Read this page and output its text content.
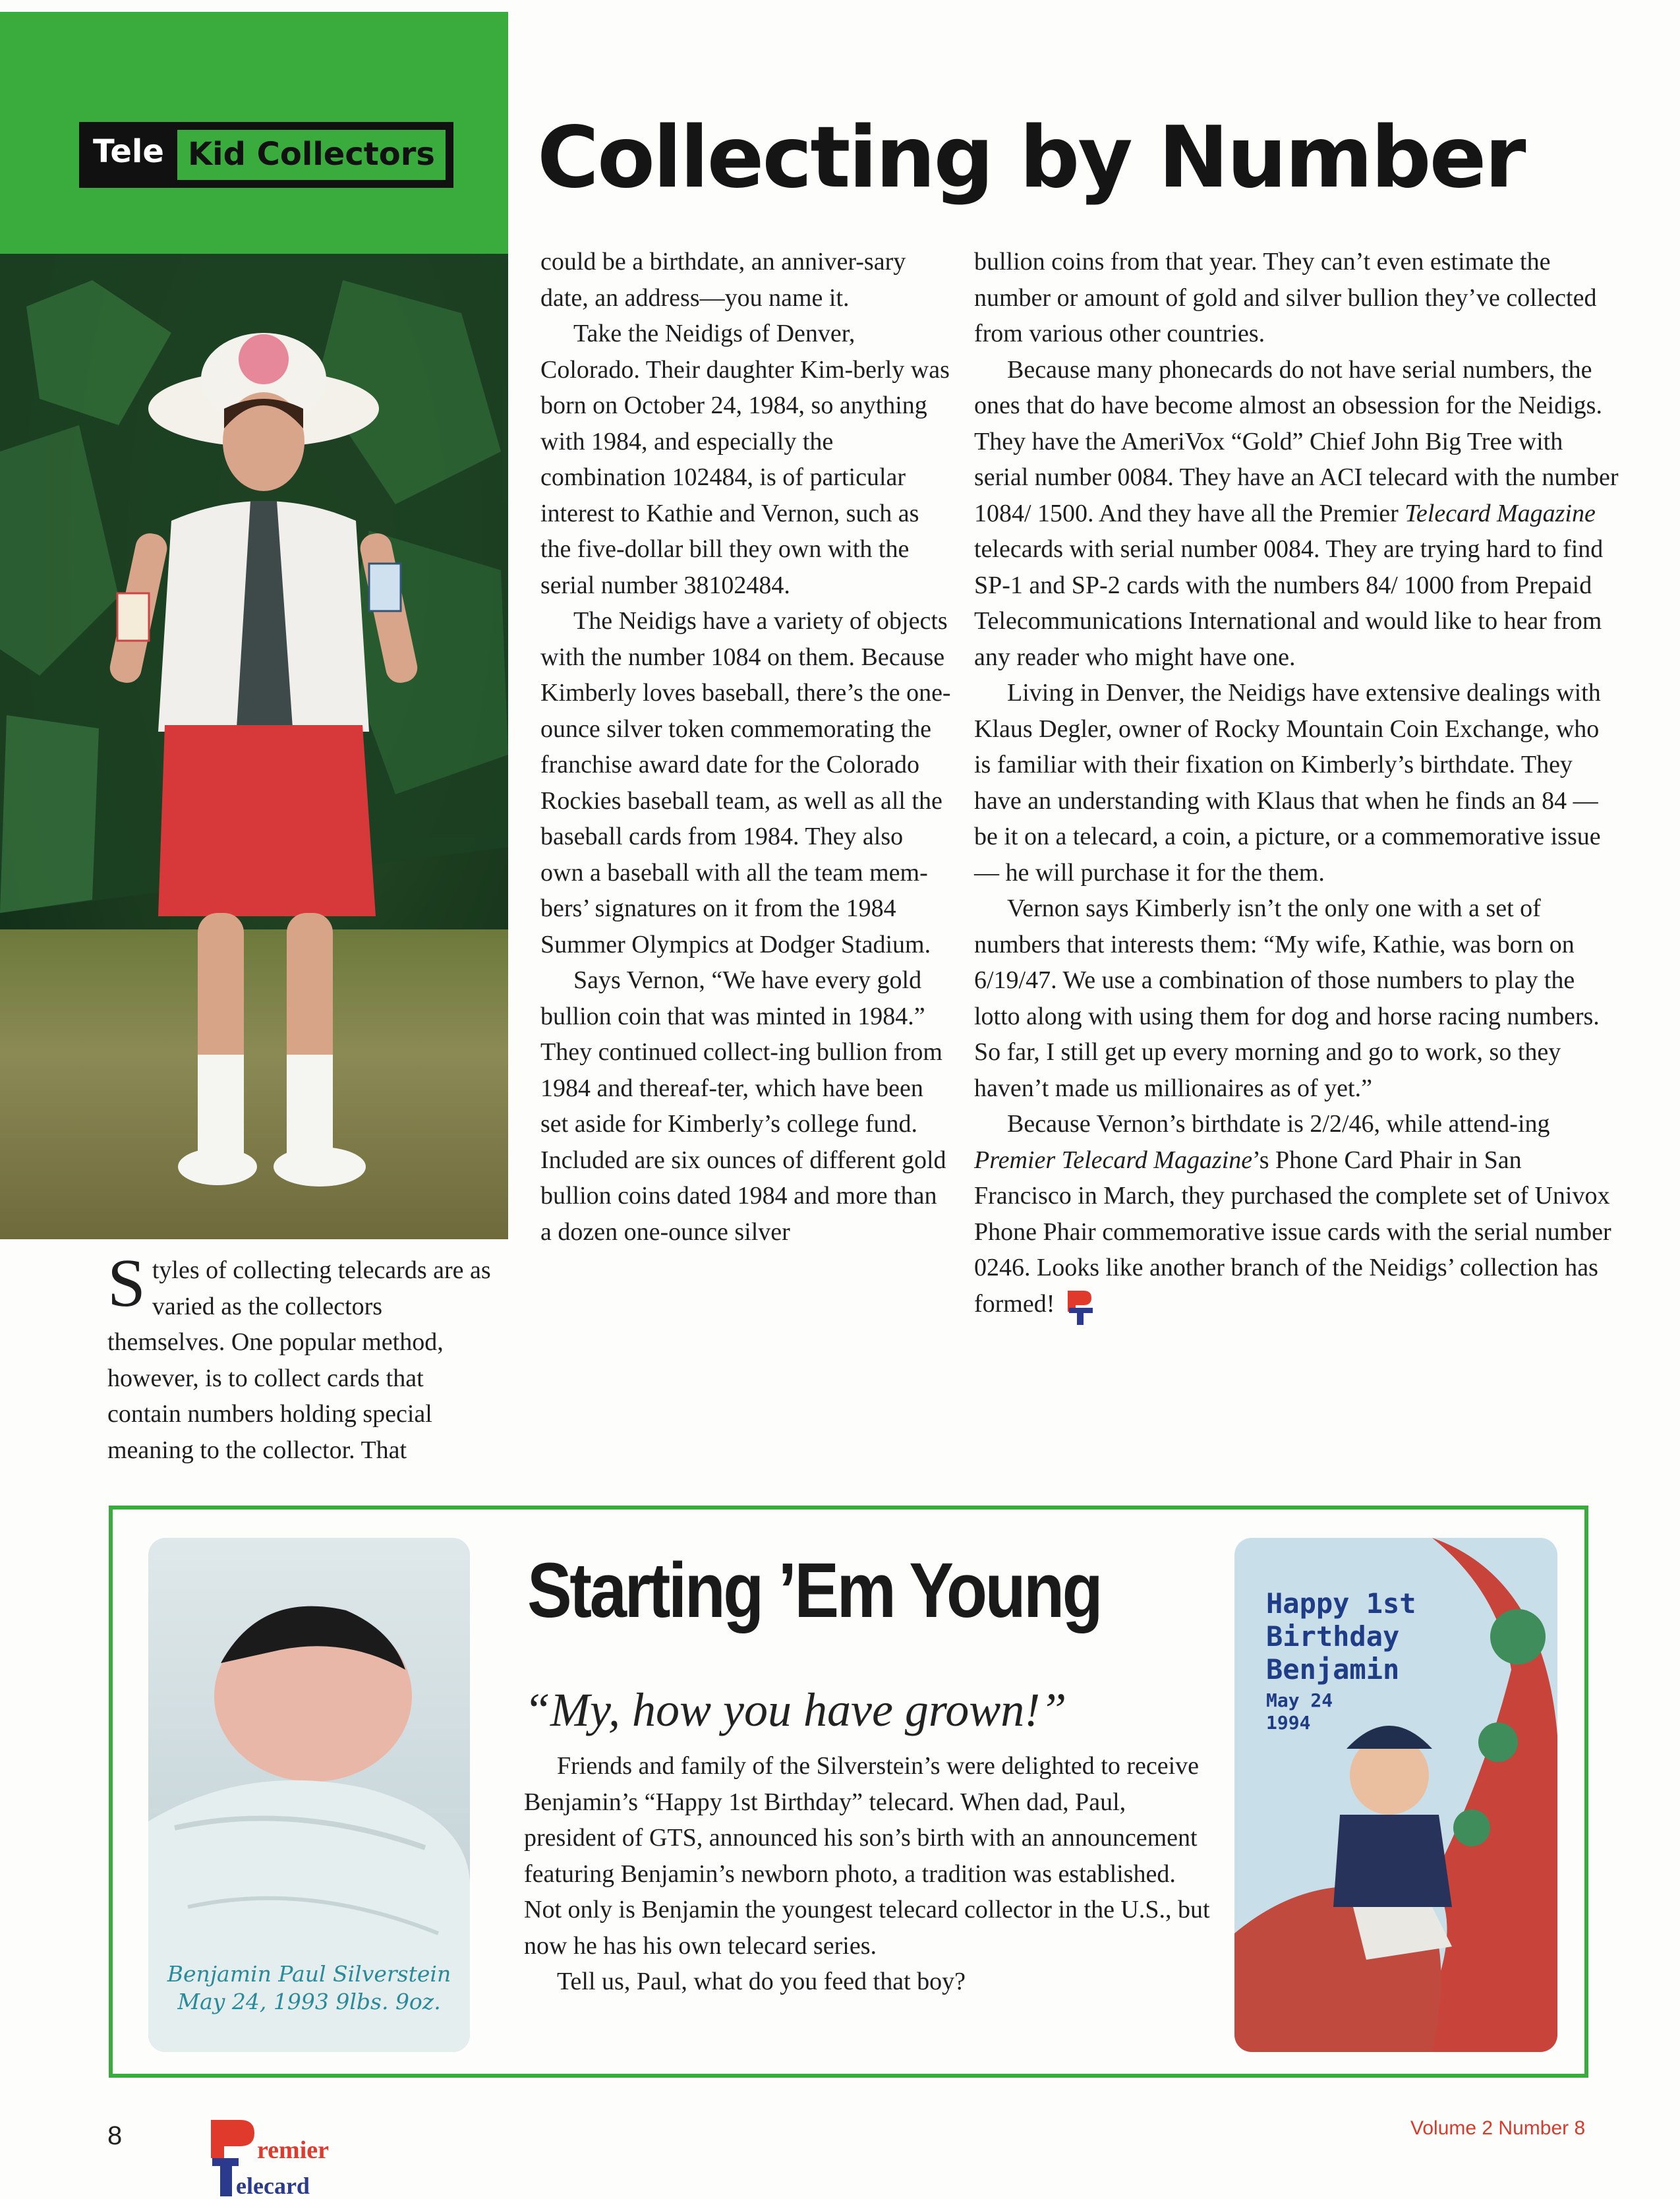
Tele Kid Collectors Collecting by Number

Styles of collecting telecards are as varied as the collectors themselves. One popular method, however, is to collect cards that contain numbers holding special meaning to the collector. That

could be a birthdate, an anniver-sary date, an address—you name it.

Take the Neidigs of Denver, Colorado. Their daughter Kim-berly was born on October 24, 1984, so anything with 1984, and especially the combination 102484, is of particular interest to Kathie and Vernon, such as the five-dollar bill they own with the serial number 38102484.

The Neidigs have a variety of objects with the number 1084 on them. Because Kimberly loves baseball, there’s the one-ounce silver token commemorating the franchise award date for the Colorado Rockies baseball team, as well as all the baseball cards from 1984. They also own a baseball with all the team mem-bers’ signatures on it from the 1984 Summer Olympics at Dodger Stadium.

Says Vernon, “We have every gold bullion coin that was minted in 1984.” They continued collect-ing bullion from 1984 and thereaf-ter, which have been set aside for Kimberly’s college fund. Included are six ounces of different gold bullion coins dated 1984 and more than a dozen one-ounce silver

bullion coins from that year. They can’t even estimate the number or amount of gold and silver bullion they’ve collected from various other countries.

Because many phonecards do not have serial numbers, the ones that do have become almost an obsession for the Neidigs. They have the AmeriVox “Gold” Chief John Big Tree with serial number 0084. They have an ACI telecard with the number 1084/ 1500. And they have all the Premier Telecard Magazine telecards with serial number 0084. They are trying hard to find SP-1 and SP-2 cards with the numbers 84/ 1000 from Prepaid Telecommunications International and would like to hear from any reader who might have one.

Living in Denver, the Neidigs have extensive dealings with Klaus Degler, owner of Rocky Mountain Coin Exchange, who is familiar with their fixation on Kimberly’s birthdate. They have an understanding with Klaus that when he finds an 84 — be it on a telecard, a coin, a picture, or a commemorative issue — he will purchase it for the them.

Vernon says Kimberly isn’t the only one with a set of numbers that interests them: “My wife, Kathie, was born on 6/19/47. We use a combination of those numbers to play the lotto along with using them for dog and horse racing numbers. So far, I still get up every morning and go to work, so they haven’t made us millionaires as of yet.”

Because Vernon’s birthdate is 2/2/46, while attend-ing Premier Telecard Magazine’s Phone Card Phair in San Francisco in March, they purchased the complete set of Univox Phone Phair commemorative issue cards with the serial number 0246. Looks like another branch of the Neidigs’ collection has formed!

Benjamin Paul Silverstein
May 24, 1993 9lbs. 9oz.
Starting ’Em Young
“My, how you have grown!”

Friends and family of the Silverstein’s were delighted to receive Benjamin’s “Happy 1st Birthday” telecard. When dad, Paul, president of GTS, announced his son’s birth with an announcement featuring Benjamin’s newborn photo, a tradition was established. Not only is Benjamin the youngest telecard collector in the U.S., but now he has his own telecard series.

Tell us, Paul, what do you feed that boy?

Happy 1st Birthday
Benjamin
May 24
1994
8	remier
elecard
Volume 2 Number 8
